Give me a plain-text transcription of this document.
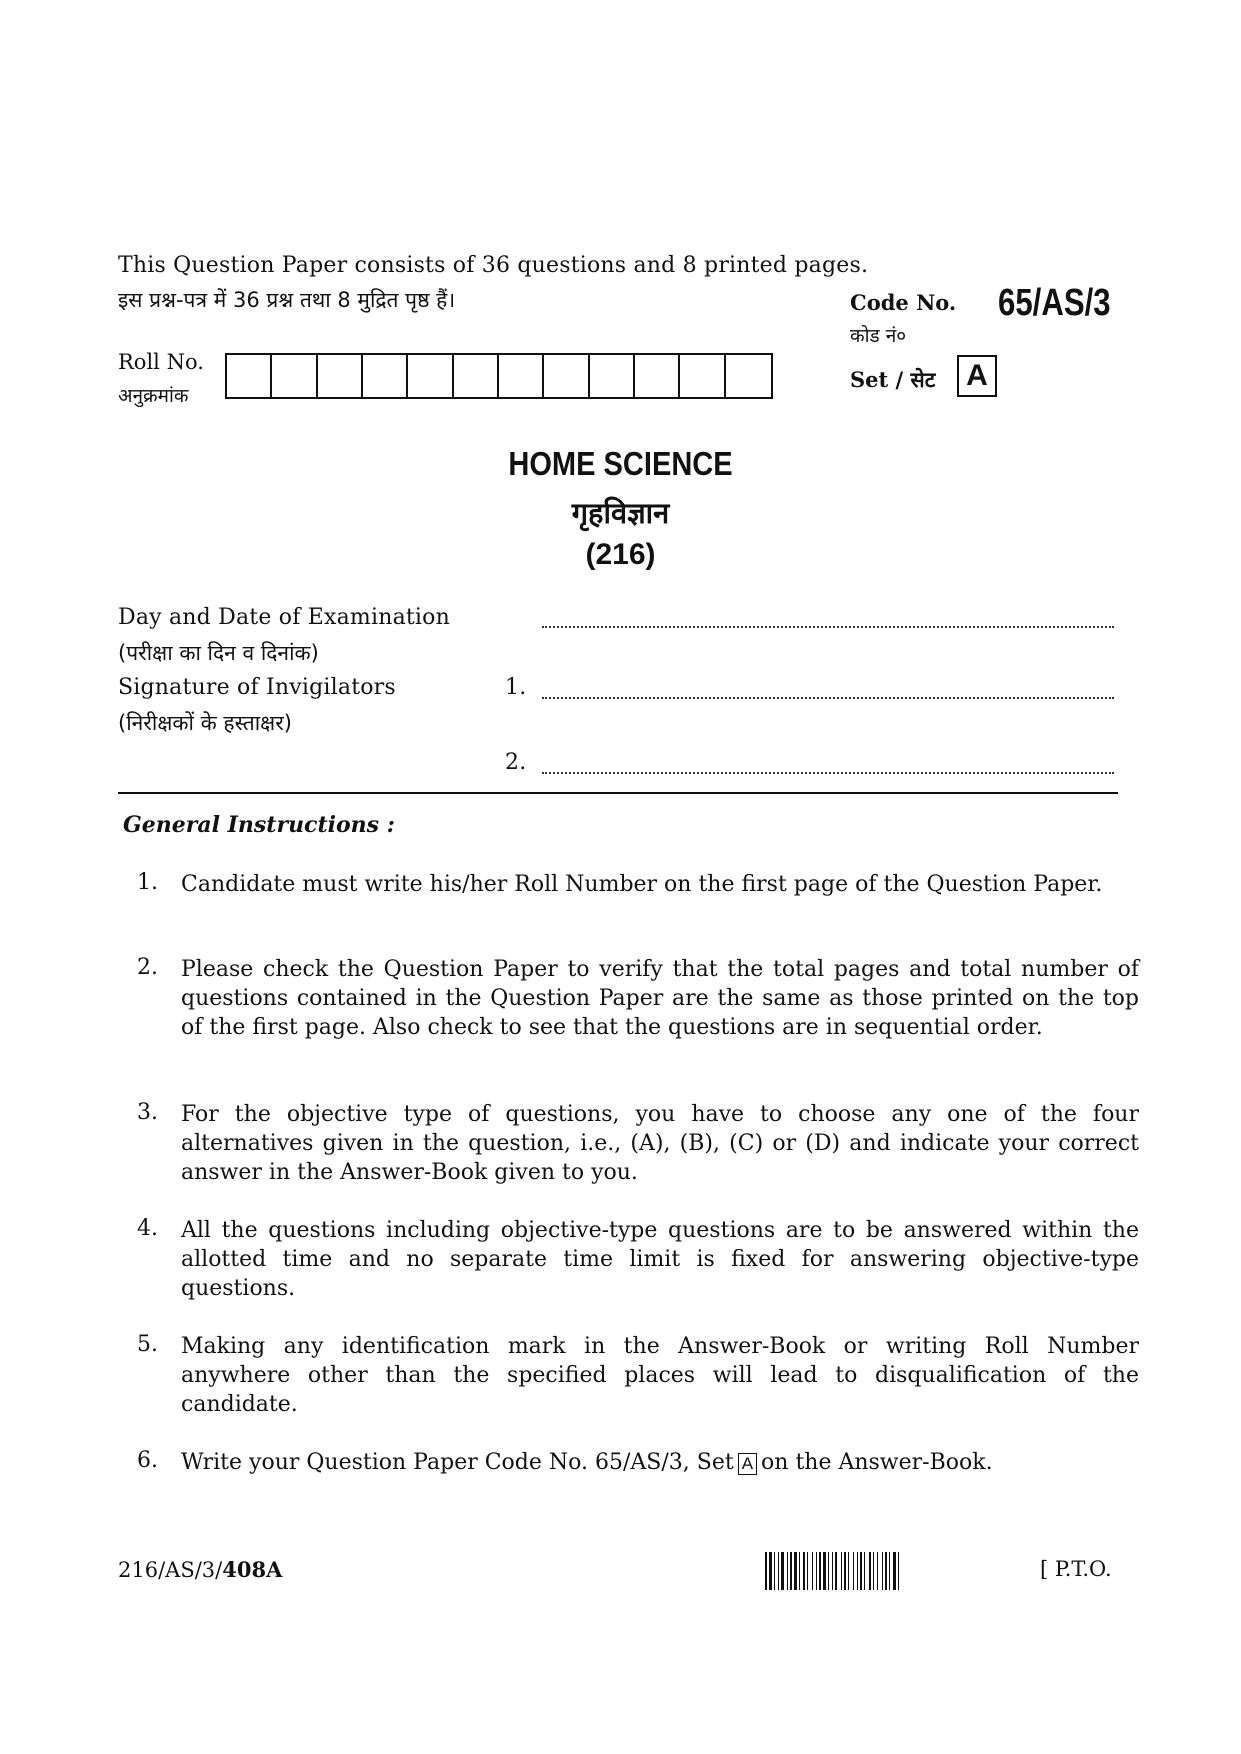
This Question Paper consists of 36 questions and 8 printed pages.
इस प्रश्न-पत्र में 36 प्रश्न तथा 8 मुद्रित पृष्ठ हैं।	Code No.
कोड नं०
65/AS/3
Set / सेट	A
Roll No.
अनुक्रमांक
HOME SCIENCE
गृहविज्ञान
(216)
Day and Date of Examination
(परीक्षा का दिन व दिनांक)
Signature of Invigilators
(निरीक्षकों के हस्ताक्षर)
1.
2.
General Instructions :
1. Candidate must write his/her Roll Number on the first page of the Question Paper.
2. Please check the Question Paper to verify that the total pages and total number of questions contained in the Question Paper are the same as those printed on the top of the first page. Also check to see that the questions are in sequential order.
3. For the objective type of questions, you have to choose any one of the four alternatives given in the question, i.e., (A), (B), (C) or (D) and indicate your correct answer in the Answer-Book given to you.
4. All the questions including objective-type questions are to be answered within the allotted time and no separate time limit is fixed for answering objective-type questions.
5. Making any identification mark in the Answer-Book or writing Roll Number anywhere other than the specified places will lead to disqualification of the candidate.
6. Write your Question Paper Code No. 65/AS/3, Set A on the Answer-Book.
216/AS/3/408A	[ P.T.O.
